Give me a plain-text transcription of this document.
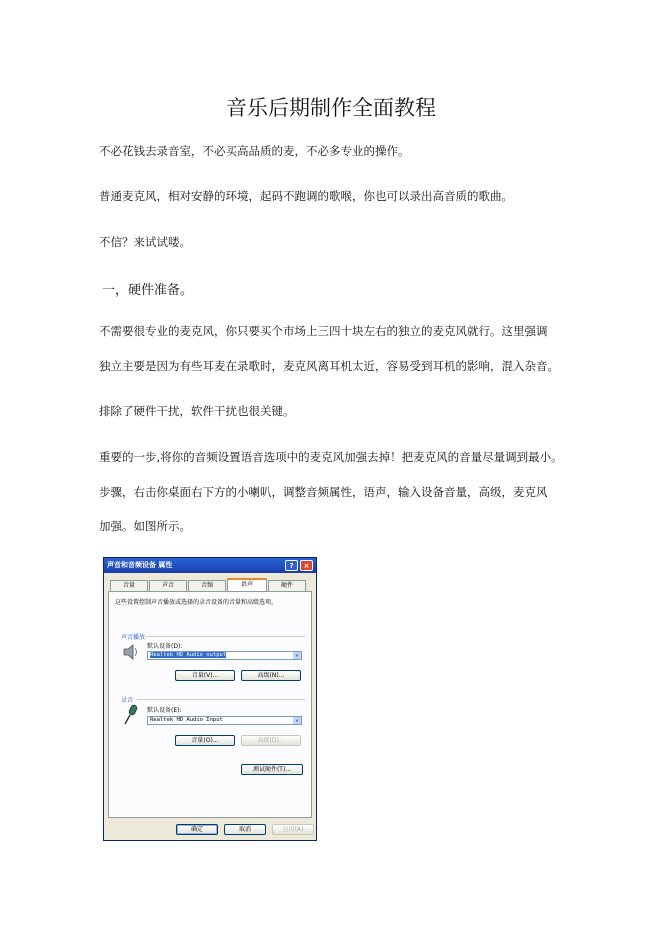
音乐后期制作全面教程

不必花钱去录音室，不必买高品质的麦，不必多专业的操作。

普通麦克风，相对安静的环境，起码不跑调的歌喉，你也可以录出高音质的歌曲。

不信？来试试喽。

一，硬件准备。

不需要很专业的麦克风，你只要买个市场上三四十块左右的独立的麦克风就行。这里强调

独立主要是因为有些耳麦在录歌时，麦克风离耳机太近，容易受到耳机的影响，混入杂音。

排除了硬件干扰，软件干扰也很关键。

重要的一步,将你的音频设置语音选项中的麦克风加强去掉！把麦克风的音量尽量调到最小。

步骤，右击你桌面右下方的小喇叭，调整音频属性，语声，输入设备音量，高级，麦克风

加强。如图所示。

声音和音频设备 属性	?	×
音量	声音	音频	语声	硬件
这些设置控制声音播放或选择的录音设备的音量和高级选项。
声音播放
默认设备(D):
Realtek HD Audio output	▼
音量(V)...	高级(N)...
录音
默认设备(E):
Realtek HD Audio Input	▼
音量(O)...	高级(D)...
测试硬件(T)...
确定	取消	应用(A)
